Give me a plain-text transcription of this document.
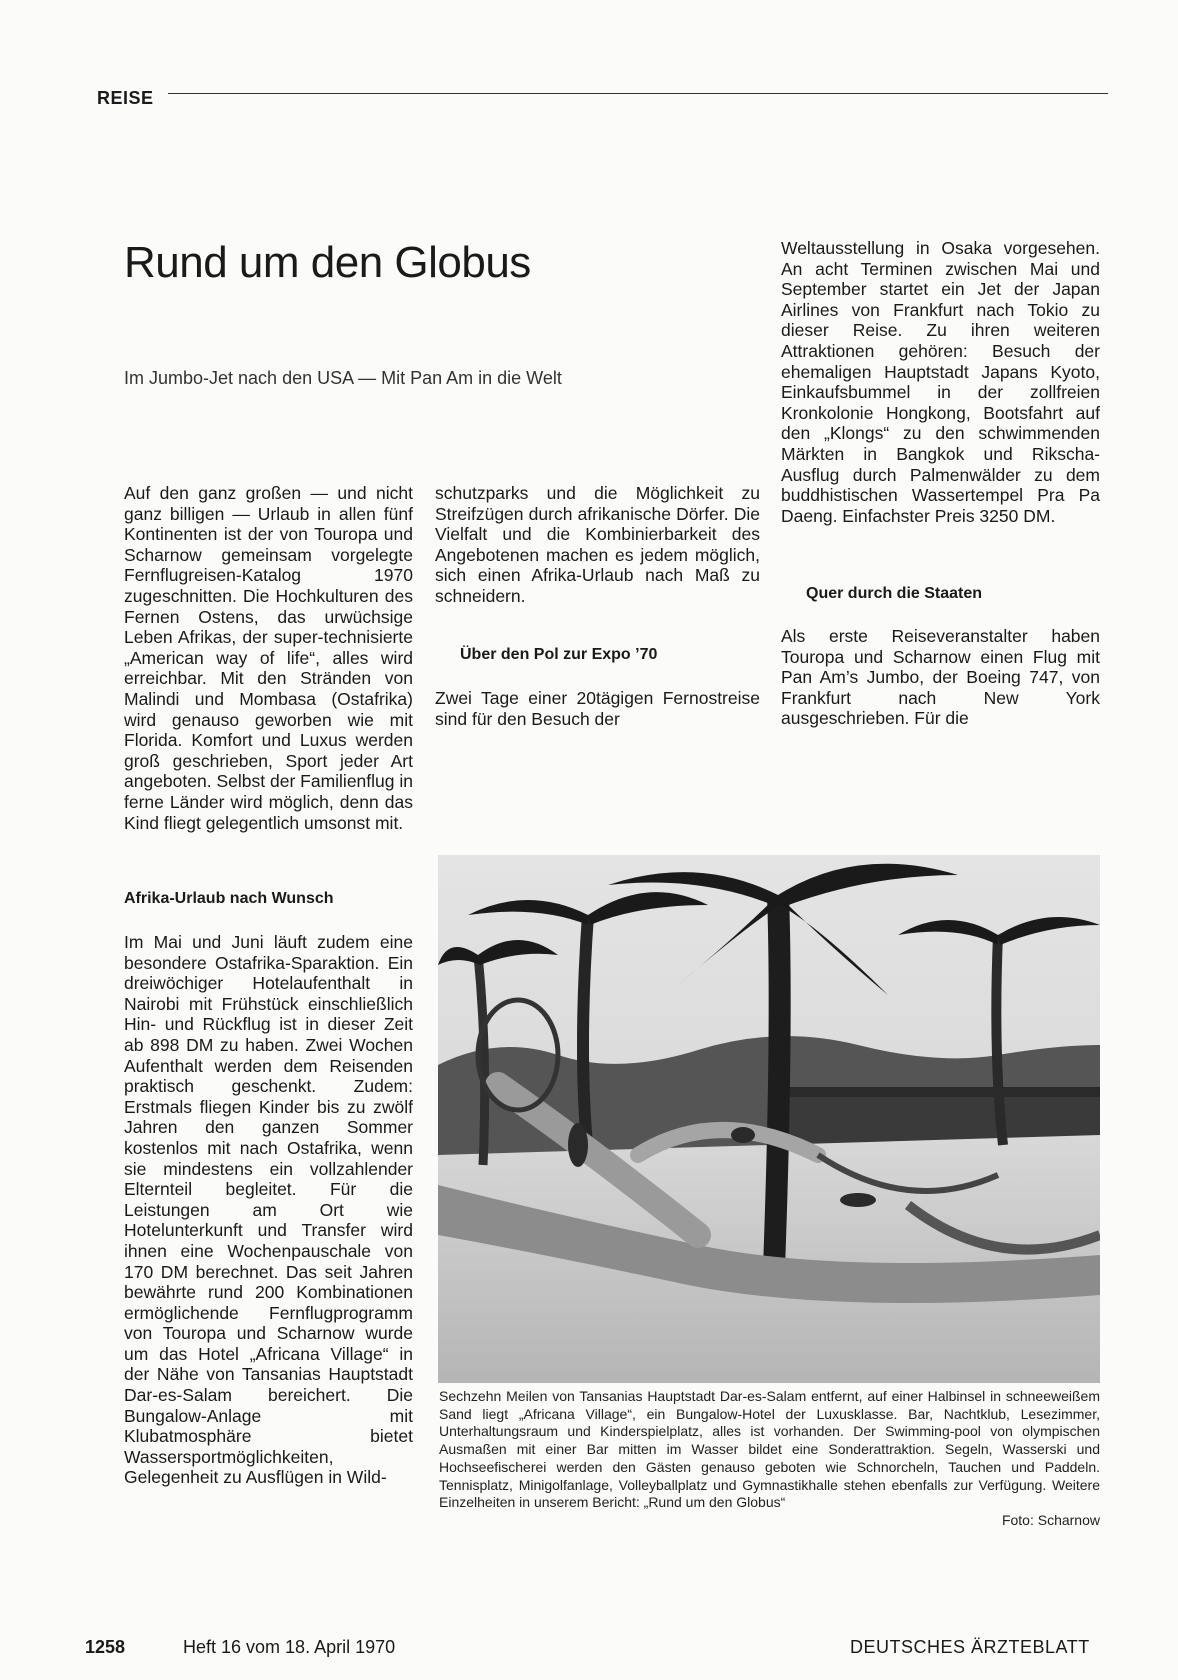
REISE
Rund um den Globus
Im Jumbo-Jet nach den USA — Mit Pan Am in die Welt

Auf den ganz großen — und nicht ganz billigen — Urlaub in allen fünf Kontinenten ist der von Touropa und Scharnow gemeinsam vorgelegte Fernflugreisen-Katalog 1970 zugeschnitten. Die Hochkulturen des Fernen Ostens, das urwüchsige Leben Afrikas, der super-technisierte „American way of life“, alles wird erreichbar. Mit den Stränden von Malindi und Mombasa (Ostafrika) wird genauso geworben wie mit Florida. Komfort und Luxus werden groß geschrieben, Sport jeder Art angeboten. Selbst der Familienflug in ferne Länder wird möglich, denn das Kind fliegt gelegentlich umsonst mit.

Afrika-Urlaub nach Wunsch

Im Mai und Juni läuft zudem eine besondere Ostafrika-Sparaktion. Ein dreiwöchiger Hotelaufenthalt in Nairobi mit Frühstück einschließlich Hin- und Rückflug ist in dieser Zeit ab 898 DM zu haben. Zwei Wochen Aufenthalt werden dem Reisenden praktisch geschenkt. Zudem: Erstmals fliegen Kinder bis zu zwölf Jahren den ganzen Sommer kostenlos mit nach Ostafrika, wenn sie mindestens ein vollzahlender Elternteil begleitet. Für die Leistungen am Ort wie Hotelunterkunft und Transfer wird ihnen eine Wochenpauschale von 170 DM berechnet. Das seit Jahren bewährte rund 200 Kombinationen ermöglichende Fernflugprogramm von Touropa und Scharnow wurde um das Hotel „Africana Village“ in der Nähe von Tansanias Hauptstadt Dar-es-Salam bereichert. Die Bungalow-Anlage mit Klubatmosphäre bietet Wassersportmöglichkeiten, Gelegenheit zu Ausflügen in Wild-

schutzparks und die Möglichkeit zu Streifzügen durch afrikanische Dörfer. Die Vielfalt und die Kombinierbarkeit des Angebotenen machen es jedem möglich, sich einen Afrika-Urlaub nach Maß zu schneidern.

Über den Pol zur Expo ’70

Zwei Tage einer 20tägigen Fernostreise sind für den Besuch der

Weltausstellung in Osaka vorgesehen. An acht Terminen zwischen Mai und September startet ein Jet der Japan Airlines von Frankfurt nach Tokio zu dieser Reise. Zu ihren weiteren Attraktionen gehören: Besuch der ehemaligen Hauptstadt Japans Kyoto, Einkaufsbummel in der zollfreien Kronkolonie Hongkong, Bootsfahrt auf den „Klongs“ zu den schwimmenden Märkten in Bangkok und Rikscha-Ausflug durch Palmenwälder zu dem buddhistischen Wassertempel Pra Pa Daeng. Einfachster Preis 3250 DM.

Quer durch die Staaten

Als erste Reiseveranstalter haben Touropa und Scharnow einen Flug mit Pan Am’s Jumbo, der Boeing 747, von Frankfurt nach New York ausgeschrieben. Für die

Sechzehn Meilen von Tansanias Hauptstadt Dar-es-Salam entfernt, auf einer Halbinsel in schneeweißem Sand liegt „Africana Village“, ein Bungalow-Hotel der Luxusklasse. Bar, Nachtklub, Lesezimmer, Unterhaltungsraum und Kinderspielplatz, alles ist vorhanden. Der Swimming-pool von olympischen Ausmaßen mit einer Bar mitten im Wasser bildet eine Sonderattraktion. Segeln, Wasserski und Hochseefischerei werden den Gästen genauso geboten wie Schnorcheln, Tauchen und Paddeln. Tennisplatz, Minigolfanlage, Volleyballplatz und Gymnastikhalle stehen ebenfalls zur Verfügung. Weitere Einzelheiten in unserem Bericht: „Rund um den Globus“
Foto: Scharnow
1258	Heft 16 vom 18. April 1970	DEUTSCHES ÄRZTEBLATT
